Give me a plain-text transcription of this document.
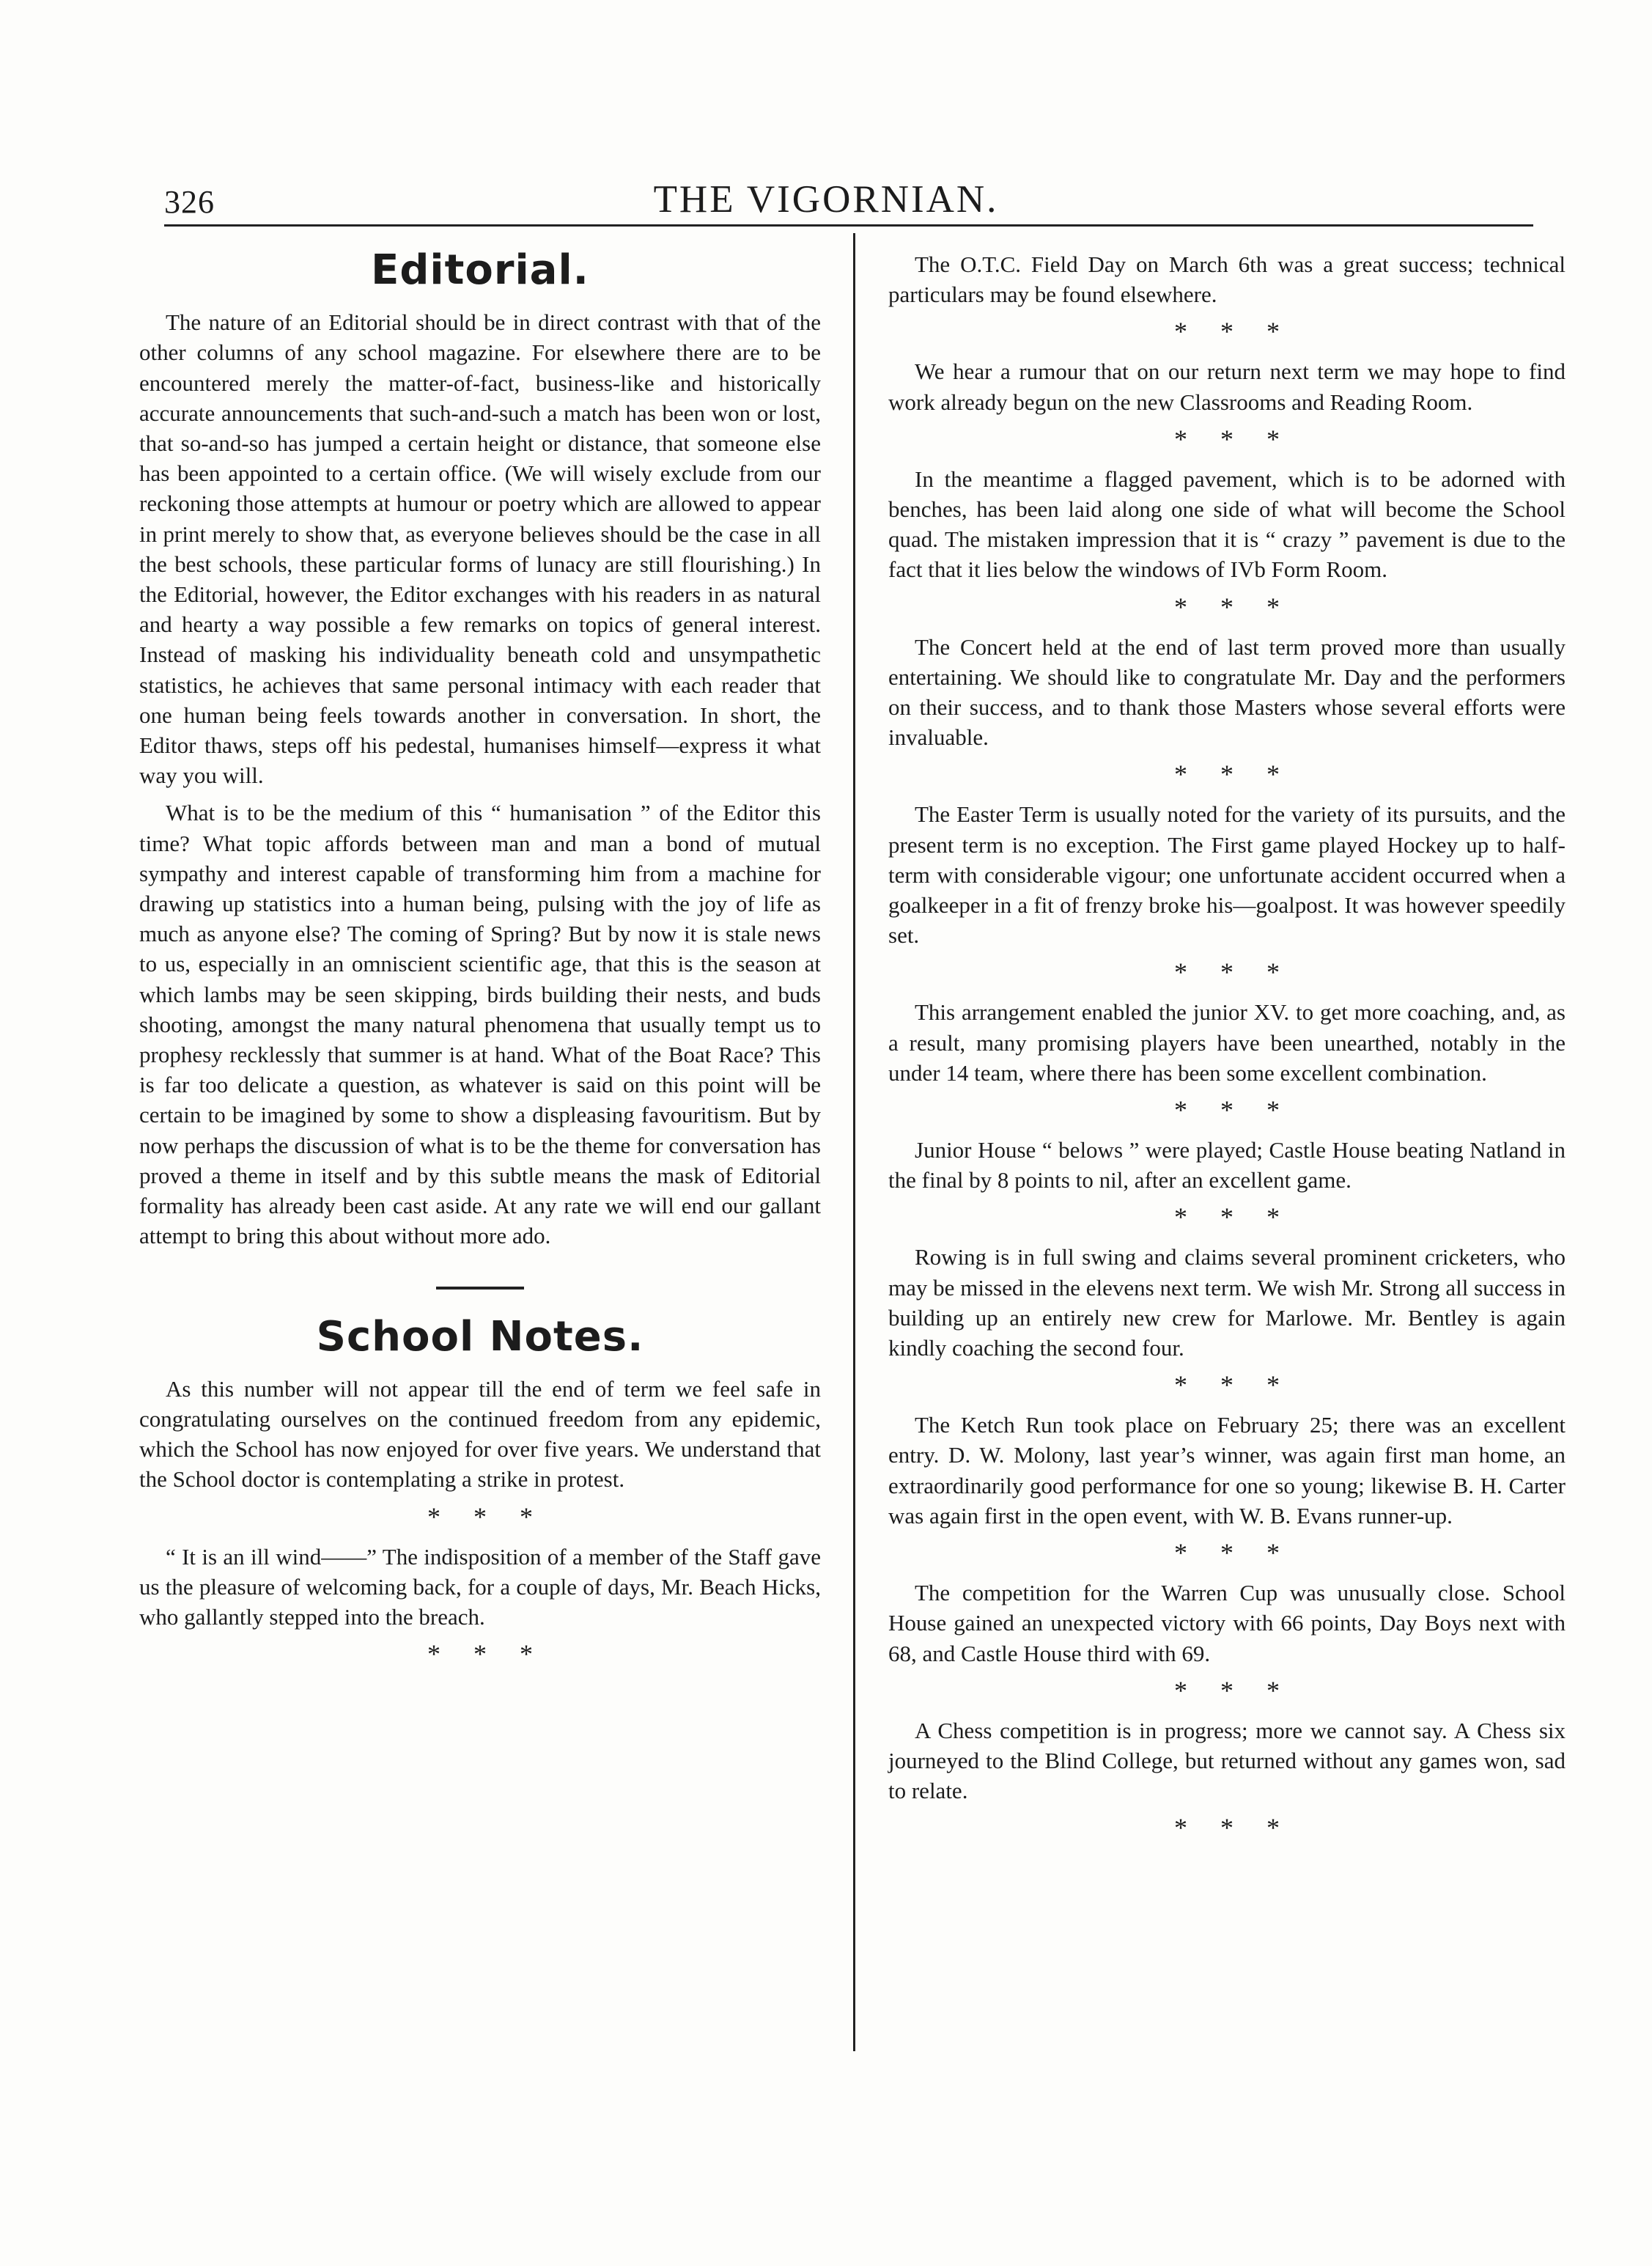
326	THE VIGORNIAN.
Editorial.

The nature of an Editorial should be in direct contrast with that of the other columns of any school magazine. For elsewhere there are to be encountered merely the matter-of-fact, business-like and historically accurate announcements that such-and-such a match has been won or lost, that so-and-so has jumped a certain height or distance, that someone else has been appointed to a certain office. (We will wisely exclude from our reckoning those attempts at humour or poetry which are allowed to appear in print merely to show that, as everyone believes should be the case in all the best schools, these particular forms of lunacy are still flourishing.) In the Editorial, however, the Editor exchanges with his readers in as natural and hearty a way possible a few remarks on topics of general interest. Instead of masking his individuality beneath cold and unsympathetic statistics, he achieves that same personal intimacy with each reader that one human being feels towards another in conversation. In short, the Editor thaws, steps off his pedestal, humanises himself—express it what way you will.

What is to be the medium of this “ humanisation ” of the Editor this time? What topic affords between man and man a bond of mutual sympathy and interest capable of transforming him from a machine for drawing up statistics into a human being, pulsing with the joy of life as much as anyone else? The coming of Spring? But by now it is stale news to us, especially in an omniscient scientific age, that this is the season at which lambs may be seen skipping, birds building their nests, and buds shooting, amongst the many natural phenomena that usually tempt us to prophesy recklessly that summer is at hand. What of the Boat Race? This is far too delicate a question, as whatever is said on this point will be certain to be imagined by some to show a displeasing favouritism. But by now perhaps the discussion of what is to be the theme for conversation has proved a theme in itself and by this subtle means the mask of Editorial formality has already been cast aside. At any rate we will end our gallant attempt to bring this about without more ado.

School Notes.

As this number will not appear till the end of term we feel safe in congratulating ourselves on the continued freedom from any epidemic, which the School has now enjoyed for over five years. We understand that the School doctor is contemplating a strike in protest.

* * *

“ It is an ill wind——” The indisposition of a member of the Staff gave us the pleasure of welcoming back, for a couple of days, Mr. Beach Hicks, who gallantly stepped into the breach.

* * *

The O.T.C. Field Day on March 6th was a great success; technical particulars may be found elsewhere.

* * *

We hear a rumour that on our return next term we may hope to find work already begun on the new Classrooms and Reading Room.

* * *

In the meantime a flagged pavement, which is to be adorned with benches, has been laid along one side of what will become the School quad. The mistaken impression that it is “ crazy ” pavement is due to the fact that it lies below the windows of IVb Form Room.

* * *

The Concert held at the end of last term proved more than usually entertaining. We should like to congratulate Mr. Day and the performers on their success, and to thank those Masters whose several efforts were invaluable.

* * *

The Easter Term is usually noted for the variety of its pursuits, and the present term is no exception. The First game played Hockey up to half-term with considerable vigour; one unfortunate accident occurred when a goalkeeper in a fit of frenzy broke his—goalpost. It was however speedily set.

* * *

This arrangement enabled the junior XV. to get more coaching, and, as a result, many promising players have been unearthed, notably in the under 14 team, where there has been some excellent combination.

* * *

Junior House “ belows ” were played; Castle House beating Natland in the final by 8 points to nil, after an excellent game.

* * *

Rowing is in full swing and claims several prominent cricketers, who may be missed in the elevens next term. We wish Mr. Strong all success in building up an entirely new crew for Marlowe. Mr. Bentley is again kindly coaching the second four.

* * *

The Ketch Run took place on February 25; there was an excellent entry. D. W. Molony, last year’s winner, was again first man home, an extraordinarily good performance for one so young; likewise B. H. Carter was again first in the open event, with W. B. Evans runner-up.

* * *

The competition for the Warren Cup was unusually close. School House gained an unexpected victory with 66 points, Day Boys next with 68, and Castle House third with 69.

* * *

A Chess competition is in progress; more we cannot say. A Chess six journeyed to the Blind College, but returned without any games won, sad to relate.

* * *
